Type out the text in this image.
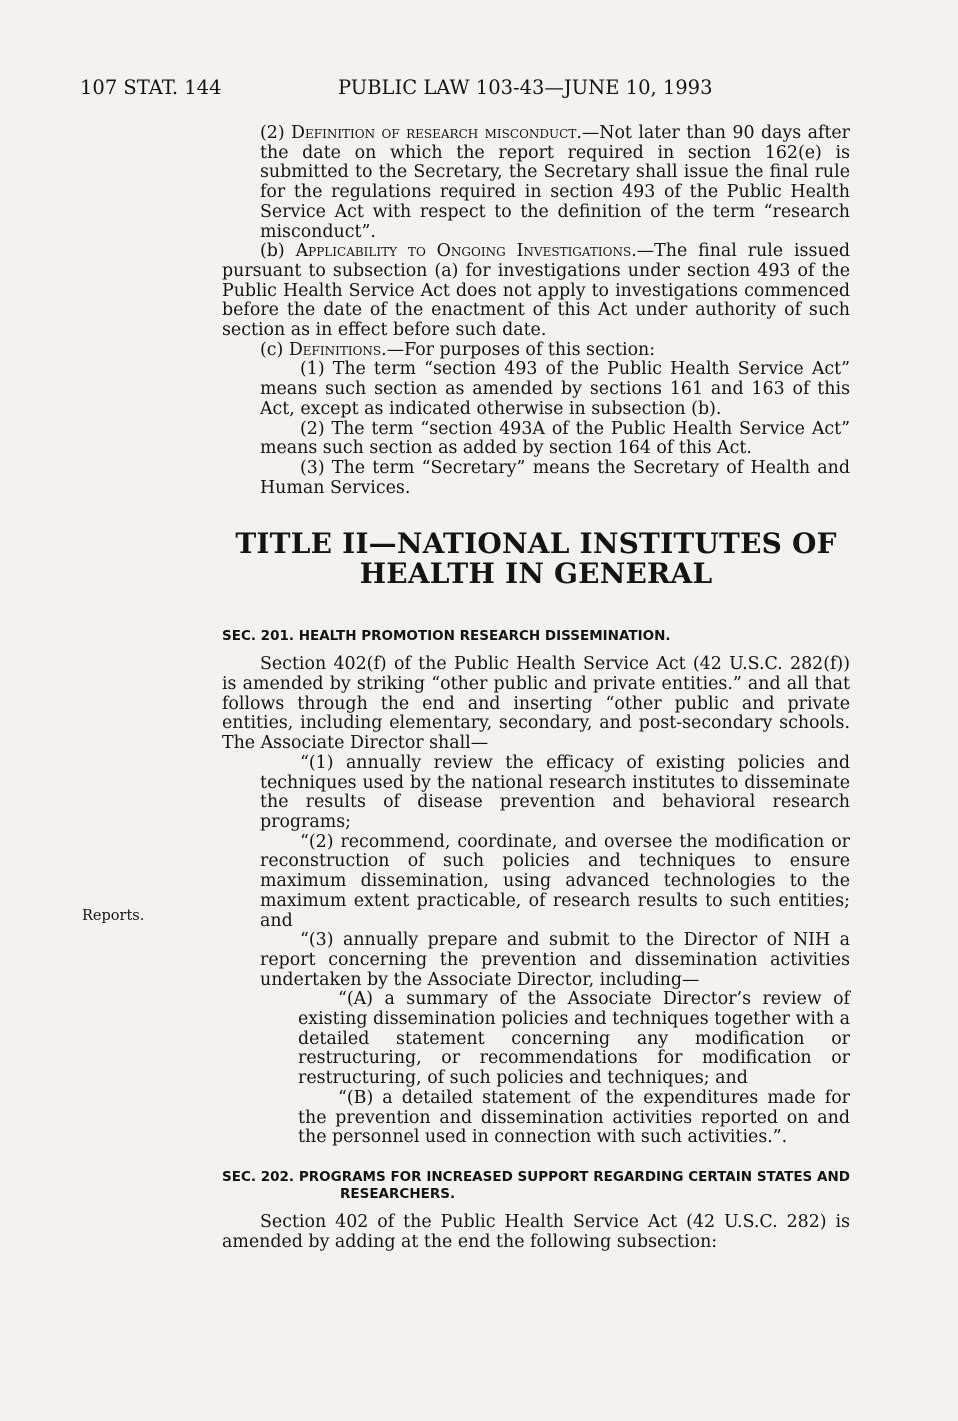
107 STAT. 144	PUBLIC LAW 103-43—JUNE 10, 1993
Reports.

(2) Definition of research misconduct.—Not later than 90 days after the date on which the report required in section 162(e) is submitted to the Secretary, the Secretary shall issue the final rule for the regulations required in section 493 of the Public Health Service Act with respect to the definition of the term “research misconduct”.

(b) Applicability to Ongoing Investigations.—The final rule issued pursuant to subsection (a) for investigations under section 493 of the Public Health Service Act does not apply to investigations commenced before the date of the enactment of this Act under authority of such section as in effect before such date.

(c) Definitions.—For purposes of this section:

(1) The term “section 493 of the Public Health Service Act” means such section as amended by sections 161 and 163 of this Act, except as indicated otherwise in subsection (b).

(2) The term “section 493A of the Public Health Service Act” means such section as added by section 164 of this Act.

(3) The term “Secretary” means the Secretary of Health and Human Services.

TITLE II—NATIONAL INSTITUTES OF
HEALTH IN GENERAL

SEC. 201. HEALTH PROMOTION RESEARCH DISSEMINATION.

Section 402(f) of the Public Health Service Act (42 U.S.C. 282(f)) is amended by striking “other public and private entities.” and all that follows through the end and inserting “other public and private entities, including elementary, secondary, and post-secondary schools. The Associate Director shall—

“(1) annually review the efficacy of existing policies and techniques used by the national research institutes to disseminate the results of disease prevention and behavioral research programs;

“(2) recommend, coordinate, and oversee the modification or reconstruction of such policies and techniques to ensure maximum dissemination, using advanced technologies to the maximum extent practicable, of research results to such entities; and

“(3) annually prepare and submit to the Director of NIH a report concerning the prevention and dissemination activities undertaken by the Associate Director, including—

“(A) a summary of the Associate Director’s review of existing dissemination policies and techniques together with a detailed statement concerning any modification or restructuring, or recommendations for modification or restructuring, of such policies and techniques; and

“(B) a detailed statement of the expenditures made for the prevention and dissemination activities reported on and the personnel used in connection with such activities.”.

SEC. 202. PROGRAMS FOR INCREASED SUPPORT REGARDING CERTAIN STATES AND RESEARCHERS.

Section 402 of the Public Health Service Act (42 U.S.C. 282) is amended by adding at the end the following subsection:
